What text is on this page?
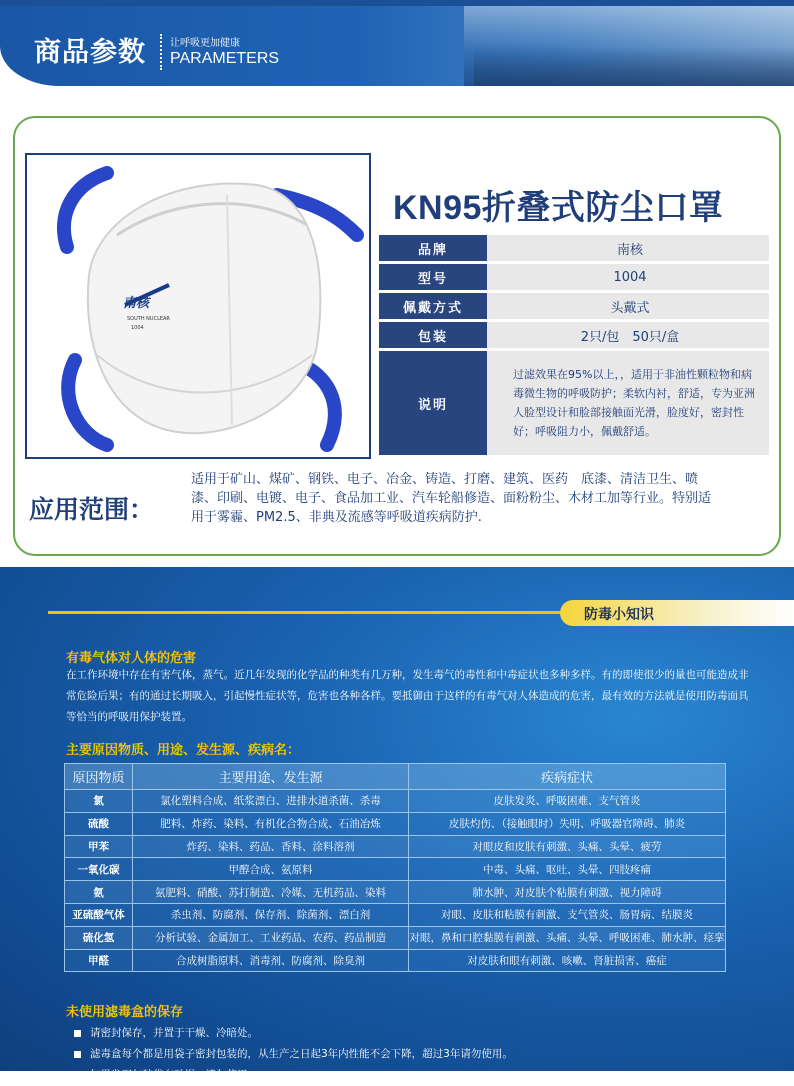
商品参数 让呼吸更加健康
PARAMETERS
南核
SOUTH NUCLEAR
1004
KN95折叠式防尘口罩
品牌	南核
型号	1004
佩戴方式	头戴式
包装	2只/包　50只/盒
说明	过滤效果在95%以上，，适用于非油性颗粒物和病毒微生物的呼吸防护；柔软内衬，舒适，专为亚洲人脸型设计和脸部接触面光滑，脸度好，密封性好；呼吸阻力小，佩戴舒适。
应用范围：
适用于矿山、煤矿、钢铁、电子、冶金、铸造、打磨、建筑、医药　底漆、清洁卫生、喷漆、印刷、电镀、电子、食品加工业、汽车轮船修造、面粉粉尘、木材工加等行业。特别适用于雾霾、PM2.5、非典及流感等呼吸道疾病防护.
防毒小知识
有毒气体对人体的危害
在工作环境中存在有害气体，蒸气。近几年发现的化学品的种类有几万种，发生毒气的毒性和中毒症状也多种多样。有的即使很少的量也可能造成非常危险后果；有的通过长期吸入，引起慢性症状等，危害也各种各样。要抵御由于这样的有毒气对人体造成的危害，最有效的方法就是使用防毒面具等恰当的呼吸用保护装置。
主要原因物质、用途、发生源、疾病名：
原因物质	主要用途、发生源	疾病症状
氯	氯化塑料合成、纸浆漂白、进排水道杀菌、杀毒	皮肤发炎、呼吸困难、支气管炎
硫酸	肥料、炸药、染料、有机化合物合成、石油冶炼	皮肤灼伤、（接触眼时）失明、呼吸器官障碍、肺炎
甲苯	炸药、染料、药品、香料、涂料溶剂	对眼皮和皮肤有刺激、头痛、头晕、疲劳
一氧化碳	甲醇合成、氨原料	中毒、头痛、呕吐、头晕、四肢疼痛
氨	氨肥料、硝酸、苏打制造、冷媒、无机药品、染料	肺水肿、对皮肤个粘膜有刺激、视力障碍
亚硫酸气体	杀虫剂、防腐剂、保存剂、除菌剂、漂白剂	对眼、皮肤和粘膜有刺激、支气管炎、肠胃病、结膜炎
硫化氢	分析试验、金属加工、工业药品、农药、药品制造	对眼，鼻和口腔黏膜有刺激、头痛、头晕、呼吸困难、肺水肿、痉挛
甲醛	合成树脂原料、消毒剂、防腐剂、除臭剂	对皮肤和眼有刺激、咳嗽、肾脏损害、癌症
未使用滤毒盒的保存
请密封保存，并置于干燥、冷暗处。
滤毒盒每个都是用袋子密封包装的，从生产之日起3年内性能不会下降，超过3年请勿使用。
如果发现包装袋有破损，请勿使用。
